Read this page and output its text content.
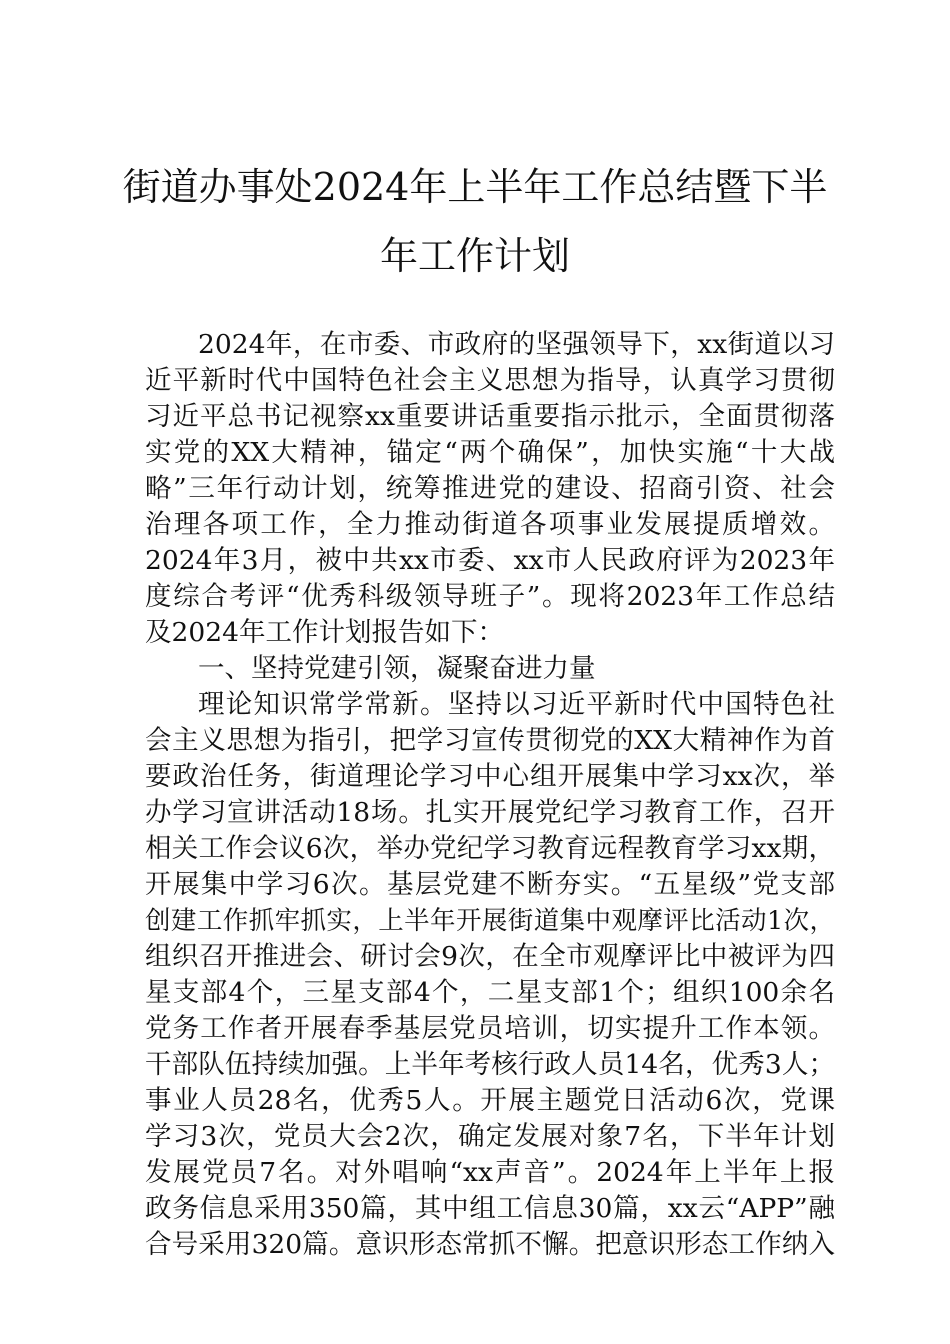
街道办事处2024年上半年工作总结暨下半
年工作计划
2024年，在市委、市政府的坚强领导下，xx街道以习
近平新时代中国特色社会主义思想为指导，认真学习贯彻
习近平总书记视察xx重要讲话重要指示批示，全面贯彻落
实党的XX大精神，锚定“两个确保”，加快实施“十大战
略”三年行动计划，统筹推进党的建设、招商引资、社会
治理各项工作，全力推动街道各项事业发展提质增效。
2024年3月，被中共xx市委、xx市人民政府评为2023年
度综合考评“优秀科级领导班子”。现将2023年工作总结
及2024年工作计划报告如下：
一、坚持党建引领，凝聚奋进力量
理论知识常学常新。坚持以习近平新时代中国特色社
会主义思想为指引，把学习宣传贯彻党的XX大精神作为首
要政治任务，街道理论学习中心组开展集中学习xx次，举
办学习宣讲活动18场。扎实开展党纪学习教育工作，召开
相关工作会议6次，举办党纪学习教育远程教育学习xx期，
开展集中学习6次。基层党建不断夯实。“五星级”党支部
创建工作抓牢抓实，上半年开展街道集中观摩评比活动1次，
组织召开推进会、研讨会9次，在全市观摩评比中被评为四
星支部4个，三星支部4个，二星支部1个；组织100余名
党务工作者开展春季基层党员培训，切实提升工作本领。
干部队伍持续加强。上半年考核行政人员14名，优秀3人；
事业人员28名，优秀5人。开展主题党日活动6次，党课
学习3次，党员大会2次，确定发展对象7名，下半年计划
发展党员7名。对外唱响“xx声音”。2024年上半年上报
政务信息采用350篇，其中组工信息30篇，xx云“APP”融
合号采用320篇。意识形态常抓不懈。把意识形态工作纳入
